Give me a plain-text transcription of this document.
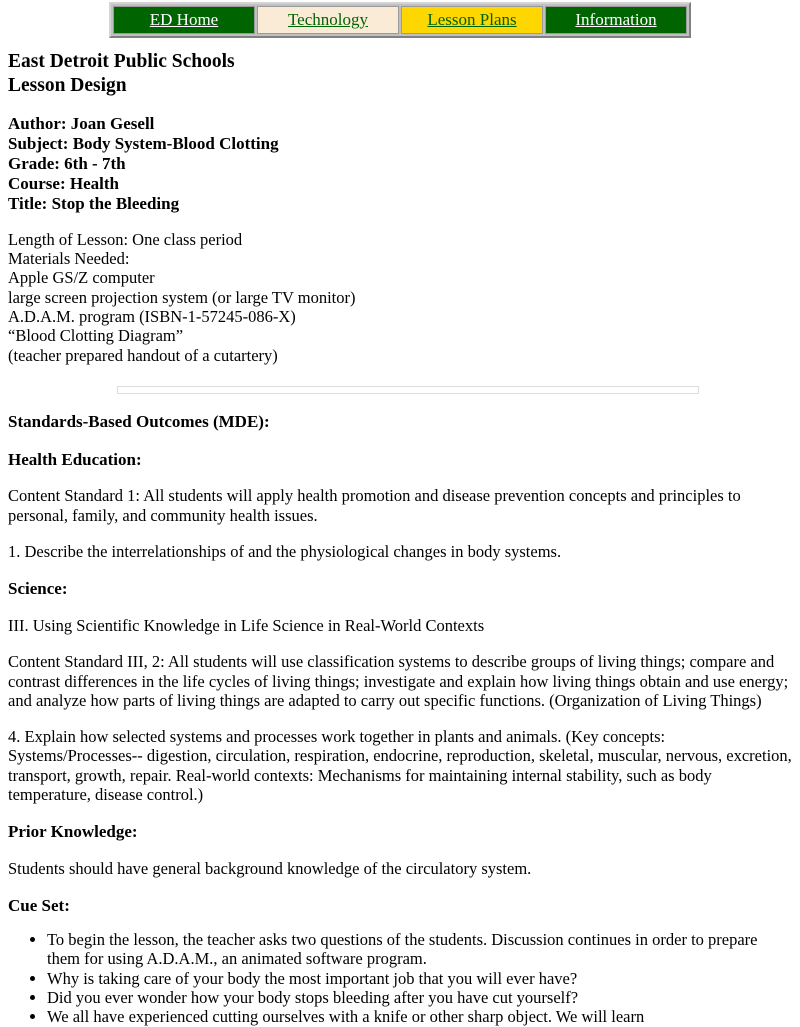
ED Home	Technology	Lesson Plans	Information
East Detroit Public Schools
Lesson Design
Author: Joan Gesell
Subject: Body System-Blood Clotting
Grade: 6th - 7th
Course: Health
Title: Stop the Bleeding
Length of Lesson: One class period
Materials Needed:
Apple GS/Z computer
large screen projection system (or large TV monitor)
A.D.A.M. program (ISBN-1-57245-086-X)
“Blood Clotting Diagram”
(teacher prepared handout of a cutartery)
Standards-Based Outcomes (MDE):
Health Education:

Content Standard 1: All students will apply health promotion and disease prevention concepts and principles to personal, family, and community health issues.

1. Describe the interrelationships of and the physiological changes in body systems.

Science:

III. Using Scientific Knowledge in Life Science in Real-World Contexts

Content Standard III, 2: All students will use classification systems to describe groups of living things; compare and contrast differences in the life cycles of living things; investigate and explain how living things obtain and use energy; and analyze how parts of living things are adapted to carry out specific functions. (Organization of Living Things)

4. Explain how selected systems and processes work together in plants and animals. (Key concepts: Systems/Processes-- digestion, circulation, respiration, endocrine, reproduction, skeletal, muscular, nervous, excretion, transport, growth, repair. Real-world contexts: Mechanisms for maintaining internal stability, such as body temperature, disease control.)

Prior Knowledge:

Students should have general background knowledge of the circulatory system.

Cue Set:
• To begin the lesson, the teacher asks two questions of the students. Discussion continues in order to prepare them for using A.D.A.M., an animated software program.
• Why is taking care of your body the most important job that you will ever have?
• Did you ever wonder how your body stops bleeding after you have cut yourself?
• We all have experienced cutting ourselves with a knife or other sharp object. We will learn
